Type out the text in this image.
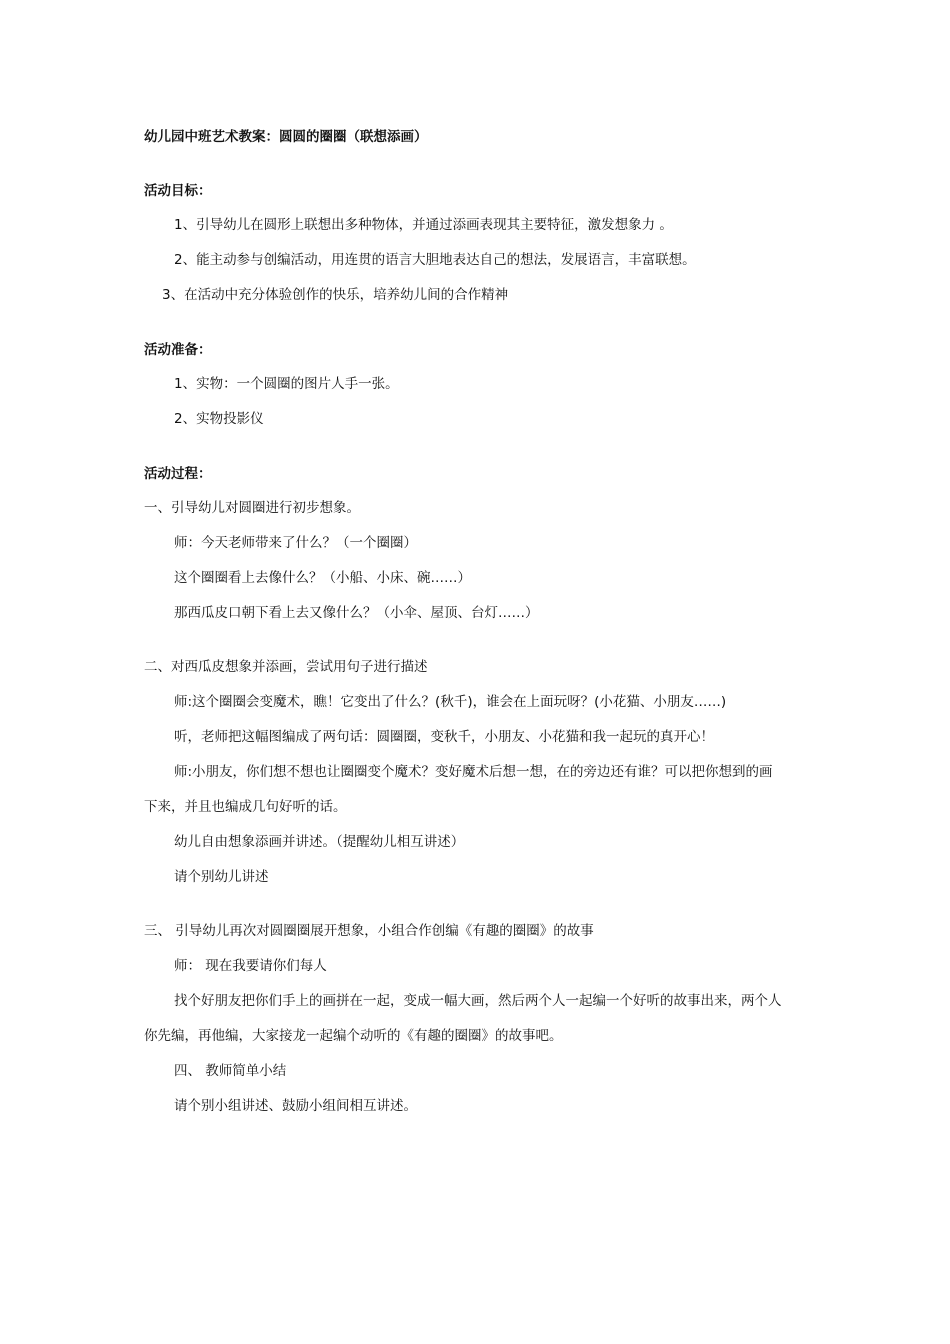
幼儿园中班艺术教案：圆圆的圈圈（联想添画）
活动目标：
1、引导幼儿在圆形上联想出多种物体，并通过添画表现其主要特征，激发想象力 。
2、能主动参与创编活动，用连贯的语言大胆地表达自己的想法，发展语言，丰富联想。
3、在活动中充分体验创作的快乐，培养幼儿间的合作精神
活动准备：
1、实物：一个圆圈的图片人手一张。
2、实物投影仪
活动过程：
一、引导幼儿对圆圈进行初步想象。
师：今天老师带来了什么？（一个圈圈）
这个圈圈看上去像什么？（小船、小床、碗……）
那西瓜皮口朝下看上去又像什么？（小伞、屋顶、台灯……）
二、对西瓜皮想象并添画，尝试用句子进行描述
师:这个圈圈会变魔术，瞧！它变出了什么？(秋千)，谁会在上面玩呀？(小花猫、小朋友……)
听，老师把这幅图编成了两句话：圆圈圈，变秋千，小朋友、小花猫和我一起玩的真开心！
师:小朋友，你们想不想也让圈圈变个魔术？变好魔术后想一想，在的旁边还有谁？可以把你想到的画
下来，并且也编成几句好听的话。
幼儿自由想象添画并讲述。（提醒幼儿相互讲述）
请个别幼儿讲述
三、 引导幼儿再次对圆圈圈展开想象，小组合作创编《有趣的圈圈》的故事
师： 现在我要请你们每人
找个好朋友把你们手上的画拼在一起，变成一幅大画，然后两个人一起编一个好听的故事出来，两个人
你先编，再他编，大家接龙一起编个动听的《有趣的圈圈》的故事吧。
四、 教师简单小结
请个别小组讲述、鼓励小组间相互讲述。
